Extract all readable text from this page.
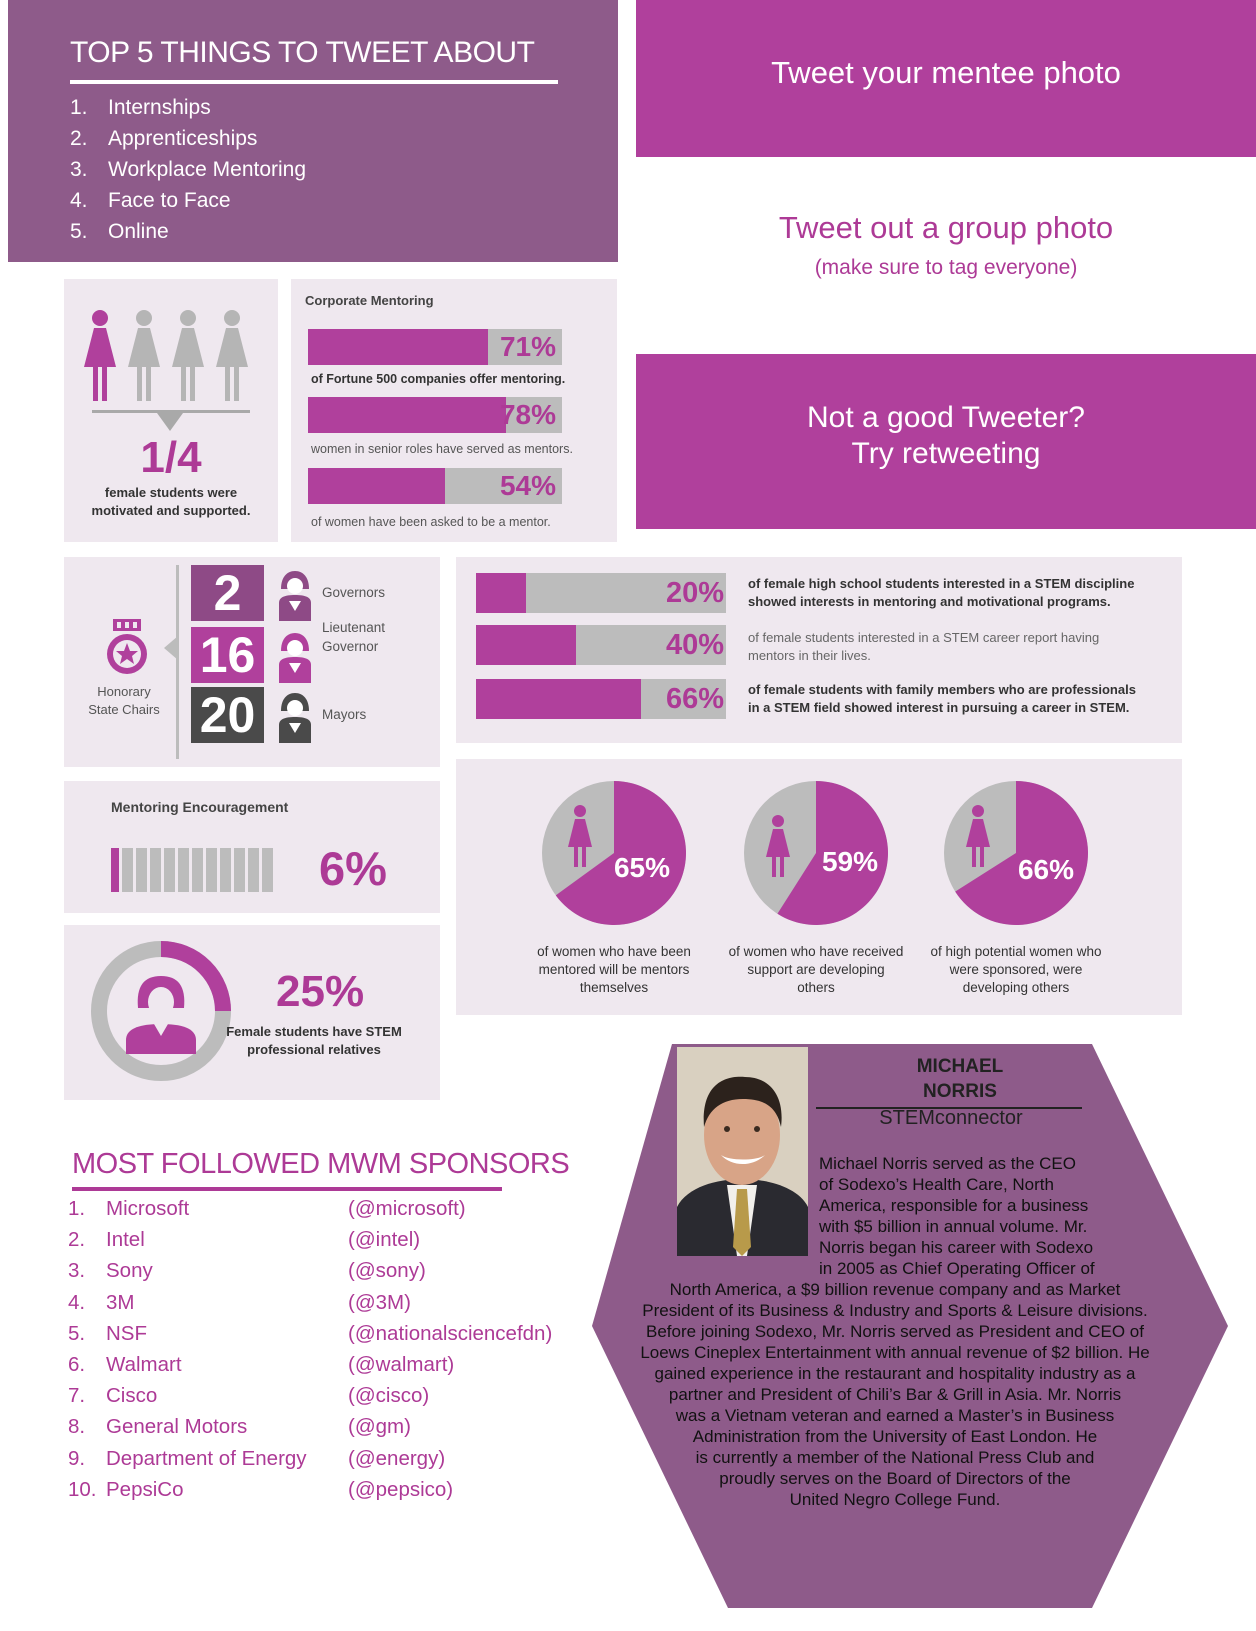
TOP 5 THINGS TO TWEET ABOUT
1. Internships
2. Apprenticeships
3. Workplace Mentoring
4. Face to Face
5. Online
Tweet your mentee photo
Tweet out a group photo
(make sure to tag everyone)
Not a good Tweeter?
Try retweeting
1/4
female students were
motivated and supported.
Corporate Mentoring
71%
of Fortune 500 companies offer mentoring.
78%
women in senior roles have served as mentors.
54%
of women have been asked to be a mentor.
Honorary
State Chairs
2	Governors
16	Lieutenant
Governor
20	Mayors
20% of female high school students interested in a STEM discipline
showed interests in mentoring and motivational programs.
40% of female students interested in a STEM career report having
mentors in their lives.
66% of female students with family members who are professionals
in a STEM field showed interest in pursuing a career in STEM.
Mentoring Encouragement
6%
25%
Female students have STEM
professional relatives
65%
of women who have been
mentored will be mentors
themselves
59%
of women who have received
support are developing
others
66%
of high potential women who
were sponsored, were
developing others
MOST FOLLOWED MWM SPONSORS
1. Microsoft	(@microsoft)
2. Intel	(@intel)
3. Sony	(@sony)
4. 3M	(@3M)
5. NSF	(@nationalsciencefdn)
6. Walmart	(@walmart)
7. Cisco	(@cisco)
8. General Motors	(@gm)
9. Department of Energy (@energy)
10. PepsiCo	(@pepsico)
MICHAEL
NORRIS
STEMconnector
Michael Norris served as the CEO
of Sodexo’s Health Care, North
America, responsible for a business
with $5 billion in annual volume. Mr.
Norris began his career with Sodexo
in 2005 as Chief Operating Officer of
North America, a $9 billion revenue company and as Market
President of its Business & Industry and Sports & Leisure divisions.
Before joining Sodexo, Mr. Norris served as President and CEO of
Loews Cineplex Entertainment with annual revenue of $2 billion. He
gained experience in the restaurant and hospitality industry as a
partner and President of Chili’s Bar & Grill in Asia. Mr. Norris
was a Vietnam veteran and earned a Master’s in Business
Administration from the University of East London. He
is currently a member of the National Press Club and
proudly serves on the Board of Directors of the
United Negro College Fund.
